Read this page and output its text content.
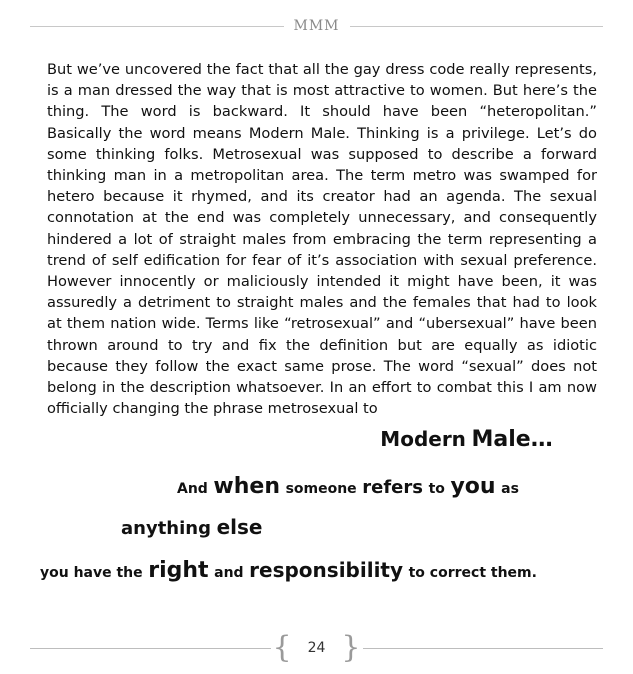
MMM

But we’ve uncovered the fact that all the gay dress code really represents, is a man dressed the way that is most attractive to women. But here’s the thing. The word is backward. It should have been “heteropolitan.” Basically the word means Modern Male. Thinking is a privilege. Let’s do some thinking folks. Metrosexual was supposed to describe a forward thinking man in a metropolitan area. The term metro was swamped for hetero because it rhymed, and its creator had an agenda. The sexual connotation at the end was completely unnecessary, and consequently hindered a lot of straight males from embracing the term representing a trend of self edification for fear of it’s association with sexual preference. However innocently or maliciously intended it might have been, it was assuredly a detriment to straight males and the females that had to look at them nation wide. Terms like “retrosexual” and “ubersexual” have been thrown around to try and fix the definition but are equally as idiotic because they follow the exact same prose. The word “sexual” does not belong in the description whatsoever. In an effort to combat this I am now officially changing the phrase metrosexual to

Modern Male…
And when someone refers to you as
anything else
you have the right and responsibility to correct them.
{	24 }
